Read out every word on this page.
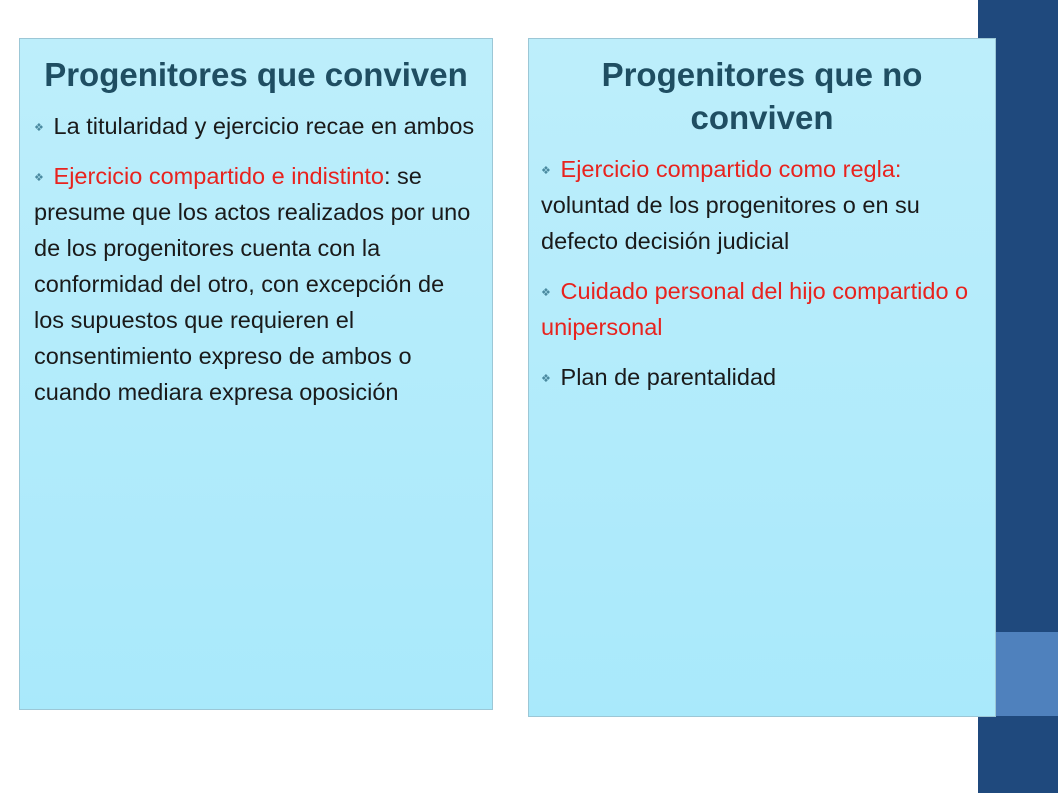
Progenitores que conviven
❖ La titularidad y ejercicio recae en ambos
❖ Ejercicio compartido e indistinto: se presume que los actos realizados por uno de los progenitores cuenta con la conformidad del otro, con excepción de los supuestos que requieren el consentimiento expreso de ambos o cuando mediara expresa oposición
Progenitores que no conviven
❖ Ejercicio compartido como regla: voluntad de los progenitores o en su defecto decisión judicial
❖ Cuidado personal del hijo compartido o unipersonal
❖ Plan de parentalidad
